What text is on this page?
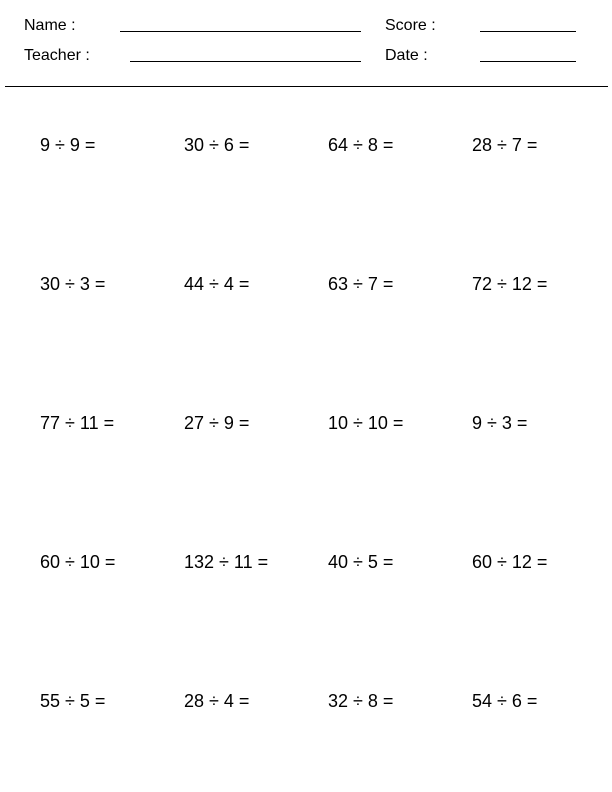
Name :	Score :
Teacher :	Date :
9 ÷ 9 =	30 ÷ 6 =	64 ÷ 8 =	28 ÷ 7 =
30 ÷ 3 =	44 ÷ 4 =	63 ÷ 7 =	72 ÷ 12 =
77 ÷ 11 =	27 ÷ 9 =	10 ÷ 10 =	9 ÷ 3 =
60 ÷ 10 =	132 ÷ 11 =	40 ÷ 5 =	60 ÷ 12 =
55 ÷ 5 =	28 ÷ 4 =	32 ÷ 8 =	54 ÷ 6 =
